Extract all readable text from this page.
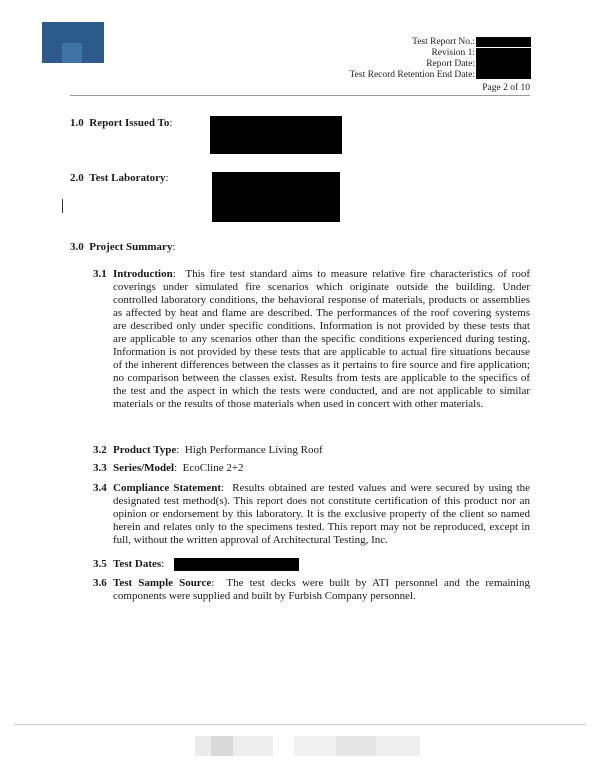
Test Report No.:
Revision 1:
Report Date:
Test Record Retention End Date:
Page 2 of 10
1.0 Report Issued To:
2.0 Test Laboratory:
3.0 Project Summary:
3.1 Introduction:  This fire test standard aims to measure relative fire characteristics of roof coverings under simulated fire scenarios which originate outside the building. Under controlled laboratory conditions, the behavioral response of materials, products or assemblies as affected by heat and flame are described. The performances of the roof covering systems are described only under specific conditions. Information is not provided by these tests that are applicable to any scenarios other than the specific conditions experienced during testing. Information is not provided by these tests that are applicable to actual fire situations because of the inherent differences between the classes as it pertains to fire source and fire application; no comparison between the classes exist. Results from tests are applicable to the specifics of the test and the aspect in which the tests were conducted, and are not applicable to similar materials or the results of those materials when used in concert with other materials.
3.2 Product Type:  High Performance Living Roof
3.3 Series/Model:  EcoCline 2+2
3.4 Compliance Statement:  Results obtained are tested values and were secured by using the designated test method(s). This report does not constitute certification of this product nor an opinion or endorsement by this laboratory. It is the exclusive property of the client so named herein and relates only to the specimens tested. This report may not be reproduced, except in full, without the written approval of Architectural Testing, Inc.
3.5 Test Dates:
3.6 Test Sample Source:  The test decks were built by ATI personnel and the remaining components were supplied and built by Furbish Company personnel.
